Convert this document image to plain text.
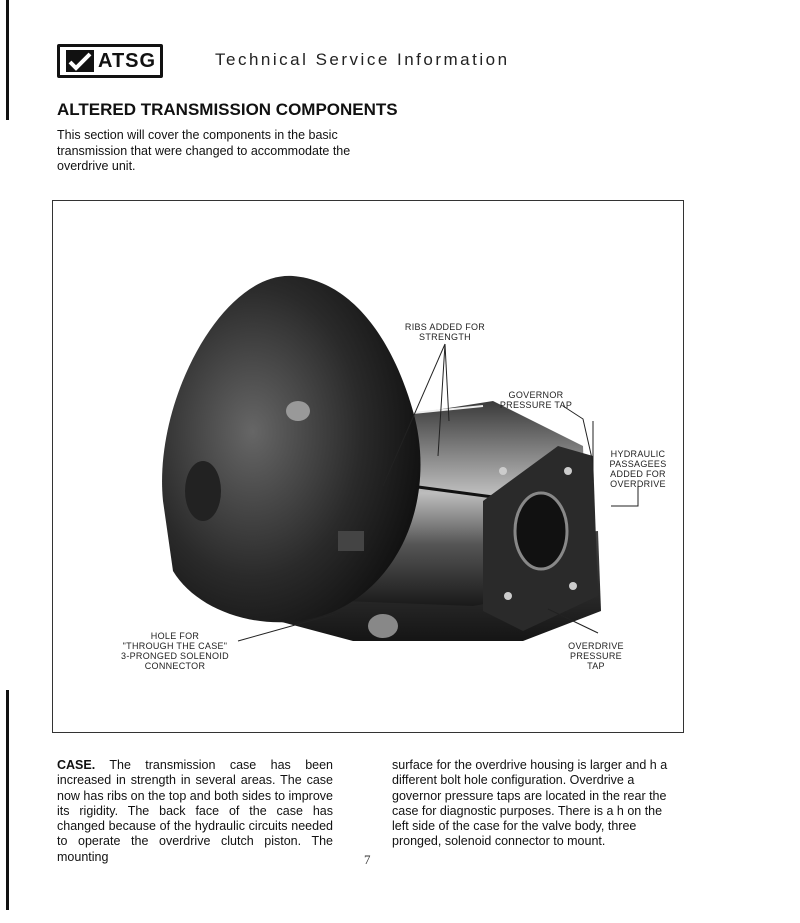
ATSG	Technical Service Information
ALTERED TRANSMISSION COMPONENTS
This section will cover the components in the basic transmission that were changed to accommodate the overdrive unit.
RIBS ADDED FOR
STRENGTH
GOVERNOR
PRESSURE TAP
HYDRAULIC
PASSAGEES
ADDED FOR
OVERDRIVE
HOLE FOR
"THROUGH THE CASE"
3-PRONGED SOLENOID
CONNECTOR
OVERDRIVE
PRESSURE
TAP
CASE. The transmission case has been increased in strength in several areas. The case now has ribs on the top and both sides to improve its rigidity. The back face of the case has changed because of the hydraulic circuits needed to operate the overdrive clutch piston. The mounting
surface for the overdrive housing is larger and h a different bolt hole configuration. Overdrive a governor pressure taps are located in the rear the case for diagnostic purposes. There is a h on the left side of the case for the valve body, three pronged, solenoid connector to mount.
7
